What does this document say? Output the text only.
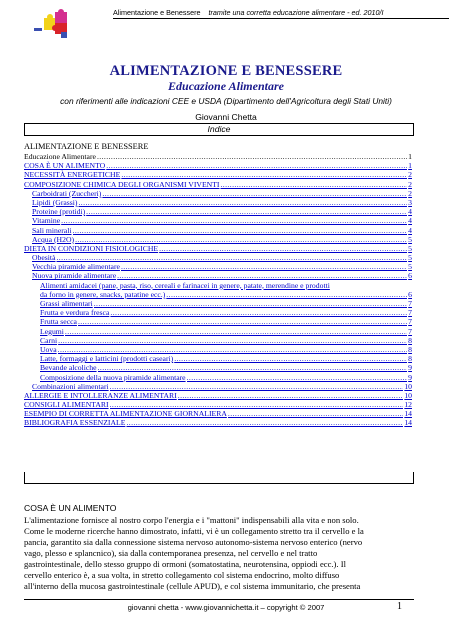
Alimentazione e Benessere tramite una corretta educazione alimentare - ed. 2010/I
ALIMENTAZIONE E BENESSERE
Educazione Alimentare
con riferimenti alle indicazioni CEE e USDA (Dipartimento dell'Agricoltura degli Stati Uniti)
Giovanni Chetta
Indice
ALIMENTAZIONE E BENESSERE
Educazione Alimentare .....	1
COSA È UN ALIMENTO .....	1
NECESSITÀ ENERGETICHE .....	2
COMPOSIZIONE CHIMICA DEGLI ORGANISMI VIVENTI .....	2
Carboidrati (Zuccheri) .....	2
Lipidi (Grassi) .....	3
Proteine (protidi) .....	4
Vitamine .....	4
Sali minerali .....	4
Acqua (H2O) .....	5
DIETA IN CONDIZIONI FISIOLOGICHE .....	5
Obesità .....	5
Vecchia piramide alimentare .....	5
Nuova piramide alimentare .....	6
Alimenti amidacei (pane, pasta, riso, cereali e farinacei in genere, patate, merendine e prodotti
da forno in genere, snacks, patatine ecc.) .....	6
Grassi alimentari .....	7
Frutta e verdura fresca .....	7
Frutta secca .....	7
Legumi .....	7
Carni .....	8
Uova .....	8
Latte, formaggi e latticini (prodotti caseari) .....	8
Bevande alcoliche .....	9
Composizione della nuova piramide alimentare .....	9
Combinazioni alimentari .....	10
ALLERGIE E INTOLLERANZE ALIMENTARI .....	10
CONSIGLI ALIMENTARI .....	12
ESEMPIO DI CORRETTA ALIMENTAZIONE GIORNALIERA .....	14
BIBLIOGRAFIA ESSENZIALE .....	14
COSA È UN ALIMENTO

L'alimentazione fornisce al nostro corpo l'energia e i "mattoni" indispensabili alla vita e non solo.

Come le moderne ricerche hanno dimostrato, infatti, vi è un collegamento stretto tra il cervello e la

pancia, garantito sia dalla connessione sistema nervoso autonomo-sistema nervoso enterico (nervo

vago, plesso e splancnico), sia dalla contemporanea presenza, nel cervello e nel tratto

gastrointestinale, dello stesso gruppo di ormoni (somatostatina, neurotensina, oppiodi ecc.). Il

cervello enterico è, a sua volta, in stretto collegamento col sistema endocrino, molto diffuso

all'interno della mucosa gastrointestinale (cellule APUD), e col sistema immunitario, che presenta

giovanni chetta - www.giovannichetta.it – copyright © 2007	1
